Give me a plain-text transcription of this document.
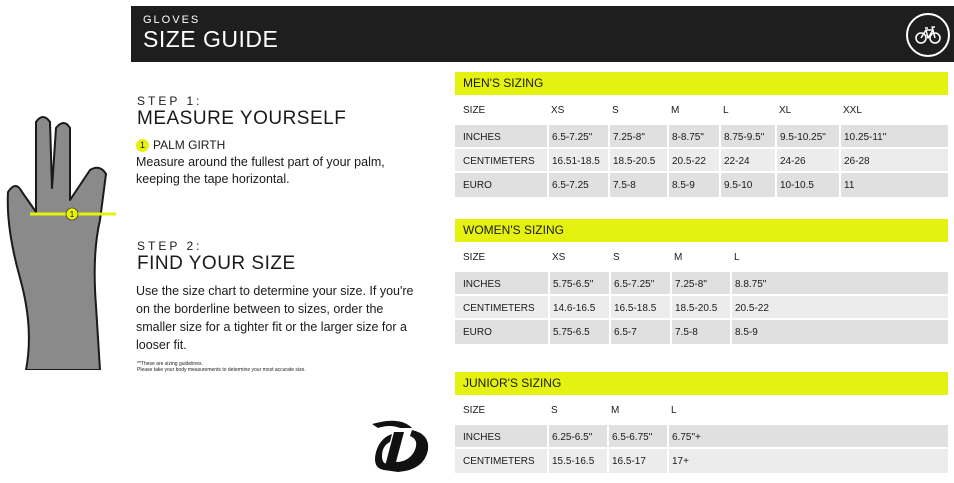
GLOVES
SIZE GUIDE
1
STEP 1:
MEASURE YOURSELF
1 PALM GIRTH
Measure around the fullest part of your palm,
keeping the tape horizontal.
STEP 2:
FIND YOUR SIZE
Use the size chart to determine your size. If you're
on the borderline between to sizes, order the
smaller size for a tighter fit or the larger size for a
looser fit.
**These are sizing guidelines.
Please take your body measurements to determine your most accurate size.
MEN'S SIZING
SIZE	XS	S	M	L	XL	XXL
INCHES	6.5-7.25"	7.25-8"	8-8.75"	8.75-9.5"	9.5-10.25"	10.25-11"
CENTIMETERS	16.51-18.5	18.5-20.5	20.5-22	22-24	24-26	26-28
EURO	6.5-7.25	7.5-8	8.5-9	9.5-10	10-10.5	11
WOMEN'S SIZING
SIZE	XS	S	M	L
INCHES	5.75-6.5"	6.5-7.25"	7.25-8"	8.8.75"
CENTIMETERS	14.6-16.5	16.5-18.5	18.5-20.5	20.5-22
EURO	5.75-6.5	6.5-7	7.5-8	8.5-9
JUNIOR'S SIZING
SIZE	S	M	L
INCHES	6.25-6.5"	6.5-6.75"	6.75"+
CENTIMETERS	15.5-16.5	16.5-17	17+
